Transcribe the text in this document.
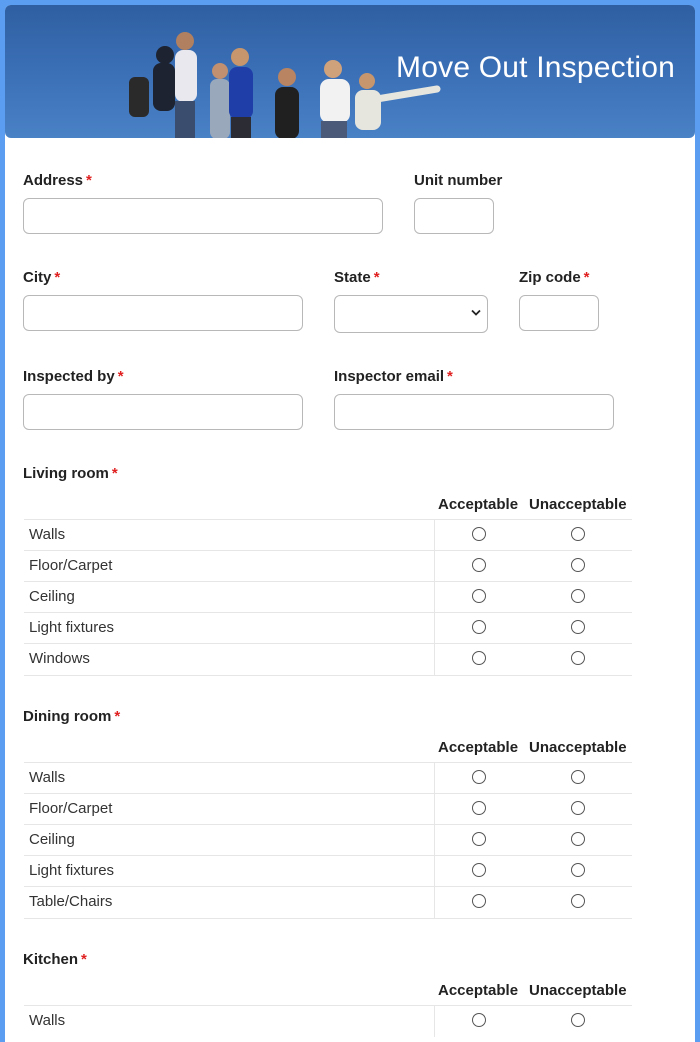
Move Out Inspection
Address *	Unit number
City *	State *	Zip code *
Inspected by *	Inspector email *
Living room *
Acceptable Unacceptable
Walls
Floor/Carpet
Ceiling
Light fixtures
Windows
Dining room *
Acceptable Unacceptable
Walls
Floor/Carpet
Ceiling
Light fixtures
Table/Chairs
Kitchen *
Acceptable Unacceptable
Walls
